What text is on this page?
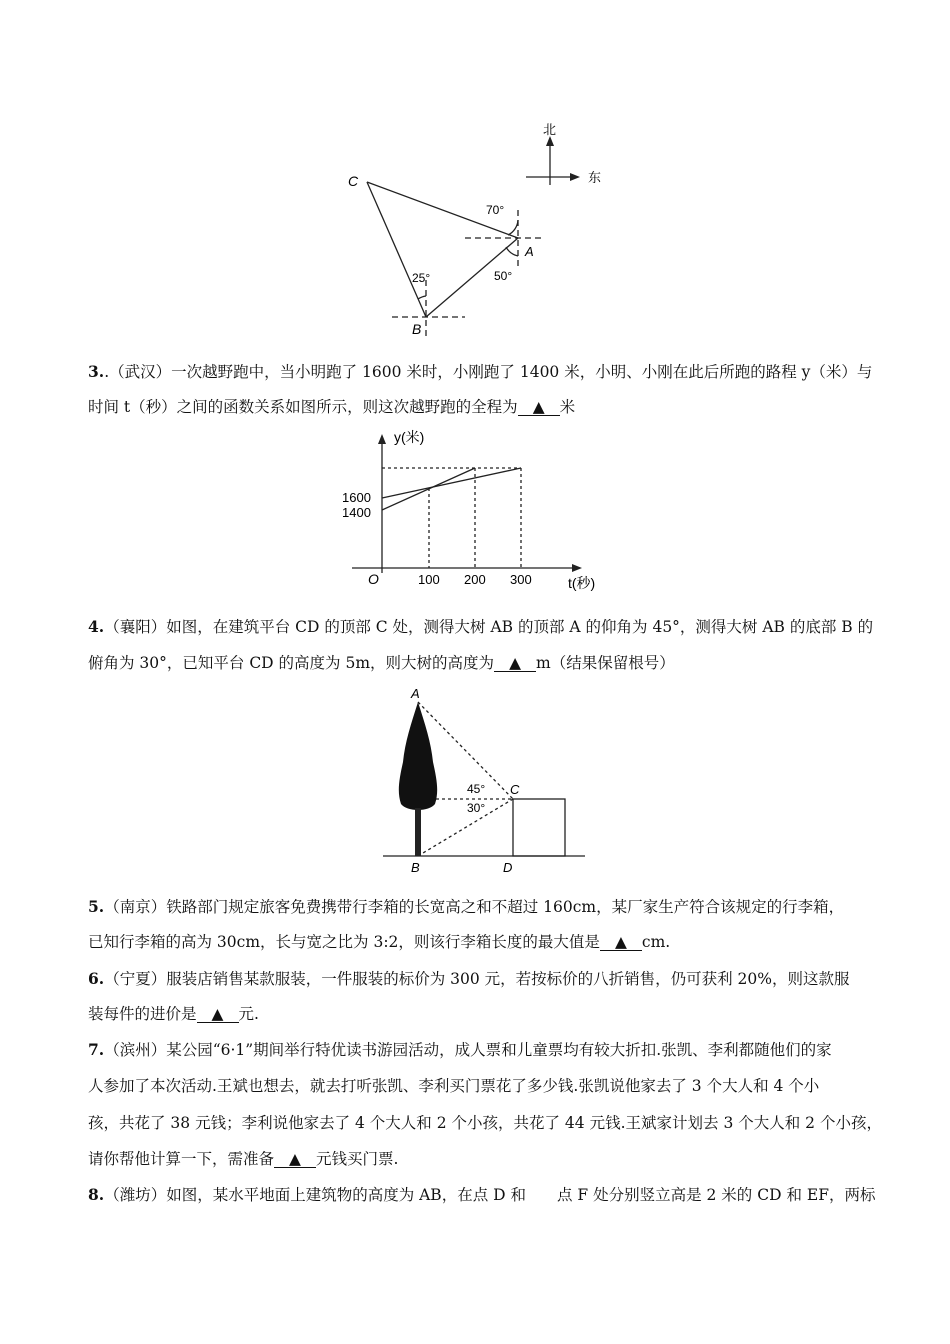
北
东
C
A
B
70°
50°
25°
3..（武汉）一次越野跑中，当小明跑了 1600 米时，小刚跑了 1400 米，小明、小刚在此后所跑的路程 y（米）与
时间 t（秒）之间的函数关系如图所示，则这次越野跑的全程为 ▲ 米
y(米)
t(秒)
O
1600
1400
100 200 300
4.（襄阳）如图，在建筑平台 CD 的顶部 C 处，测得大树 AB 的顶部 A 的仰角为 45°，测得大树 AB 的底部 B 的
俯角为 30°，已知平台 CD 的高度为 5m，则大树的高度为 ▲ m（结果保留根号）
A
B
C
D
45°
30°
5.（南京）铁路部门规定旅客免费携带行李箱的长宽高之和不超过 160cm，某厂家生产符合该规定的行李箱，
已知行李箱的高为 30cm，长与宽之比为 3:2，则该行李箱长度的最大值是 ▲ cm.
6.（宁夏）服装店销售某款服装，一件服装的标价为 300 元，若按标价的八折销售，仍可获利 20%，则这款服
装每件的进价是 ▲ 元.
7.（滨州）某公园“6·1”期间举行特优读书游园活动，成人票和儿童票均有较大折扣.张凯、李利都随他们的家
人参加了本次活动.王斌也想去，就去打听张凯、李利买门票花了多少钱.张凯说他家去了 3 个大人和 4 个小
孩，共花了 38 元钱；李利说他家去了 4 个大人和 2 个小孩，共花了 44 元钱.王斌家计划去 3 个大人和 2 个小孩，
请你帮他计算一下，需准备 ▲ 元钱买门票.
8.（潍坊）如图，某水平地面上建筑物的高度为 AB，在点 D 和　　点 F 处分别竖立高是 2 米的 CD 和 EF，两标
